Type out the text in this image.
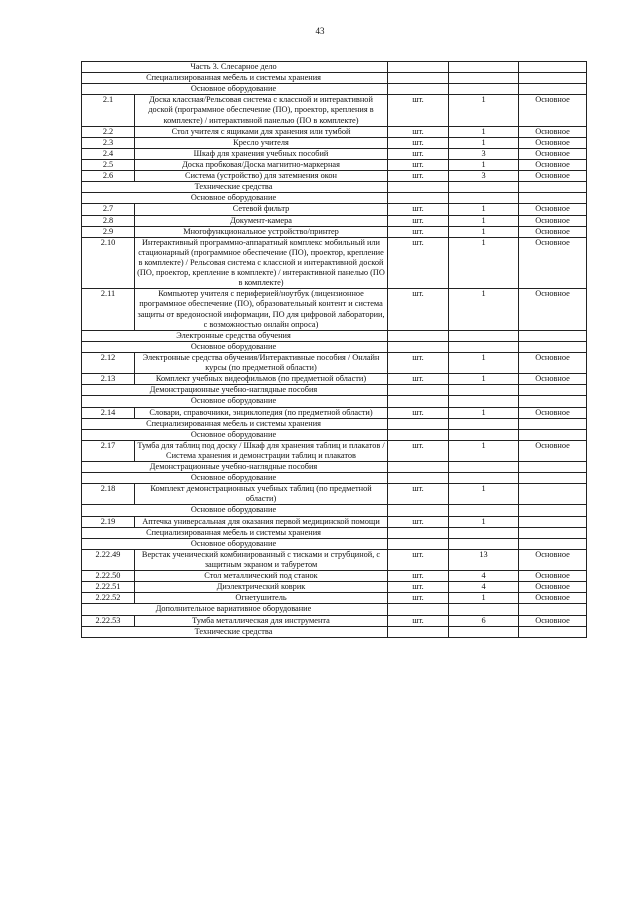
43
Часть 3. Слесарное дело				

Специализированная мебель и системы хранения				

Основное оборудование				

2.1	Доска классная/Рельсовая система с классной и интерактивной доской (программное обеспечение (ПО), проектор, крепления в комплекте) / интерактивной панелью (ПО в комплекте)	шт.	1	Основное
2.2	Стол учителя с ящиками для хранения или тумбой	шт.	1	Основное
2.3	Кресло учителя	шт.	1	Основное
2.4	Шкаф для хранения учебных пособий	шт.	3	Основное
2.5	Доска пробковая/Доска магнитно-маркерная	шт.	1	Основное
2.6	Система (устройство) для затемнения окон	шт.	3	Основное

Технические средства				

Основное оборудование				

2.7	Сетевой фильтр	шт.	1	Основное
2.8	Документ-камера	шт.	1	Основное
2.9	Многофункциональное устройство/принтер	шт.	1	Основное
2.10	Интерактивный программно-аппаратный комплекс мобильный или стационарный (программное обеспечение (ПО), проектор, крепление в комплекте) / Рельсовая система с классной и интерактивной доской (ПО, проектор, крепление в комплекте) / интерактивной панелью (ПО в комплекте)	шт.	1	Основное
2.11	Компьютер учителя с периферией/ноутбук (лицензионное программное обеспечение (ПО), образовательный контент и система защиты от вредоносной информации, ПО для цифровой лаборатории, с возможностью онлайн опроса)	шт.	1	Основное

Электронные средства обучения				

Основное оборудование				

2.12	Электронные средства обучения/Интерактивные пособия / Онлайн курсы (по предметной области)	шт.	1	Основное
2.13	Комплект учебных видеофильмов (по предметной области)	шт.	1	Основное

Демонстрационные учебно-наглядные пособия				

Основное оборудование				

2.14	Словари, справочники, энциклопедия (по предметной области)	шт.	1	Основное

Специализированная мебель и системы хранения				

Основное оборудование				

2.17	Тумба для таблиц под доску / Шкаф для хранения таблиц и плакатов / Система хранения и демонстрации таблиц и плакатов	шт.	1	Основное

Демонстрационные учебно-наглядные пособия				

Основное оборудование				

2.18	Комплект демонстрационных учебных таблиц (по предметной области)	шт.	1	

Основное оборудование				

2.19	Аптечка универсальная для оказания первой медицинской помощи	шт.	1	

Специализированная мебель и системы хранения				

Основное оборудование				

2.22.49	Верстак ученический комбинированный с тисками и струбциной, с защитным экраном и табуретом	шт.	13	Основное
2.22.50	Стол металлический под станок	шт.	4	Основное
2.22.51	Диэлектрический коврик	шт.	4	Основное
2.22.52	Огнетушитель	шт.	1	Основное

Дополнительное вариативное оборудование				

2.22.53	Тумба металлическая для инструмента	шт.	6	Основное

Технические средства				
